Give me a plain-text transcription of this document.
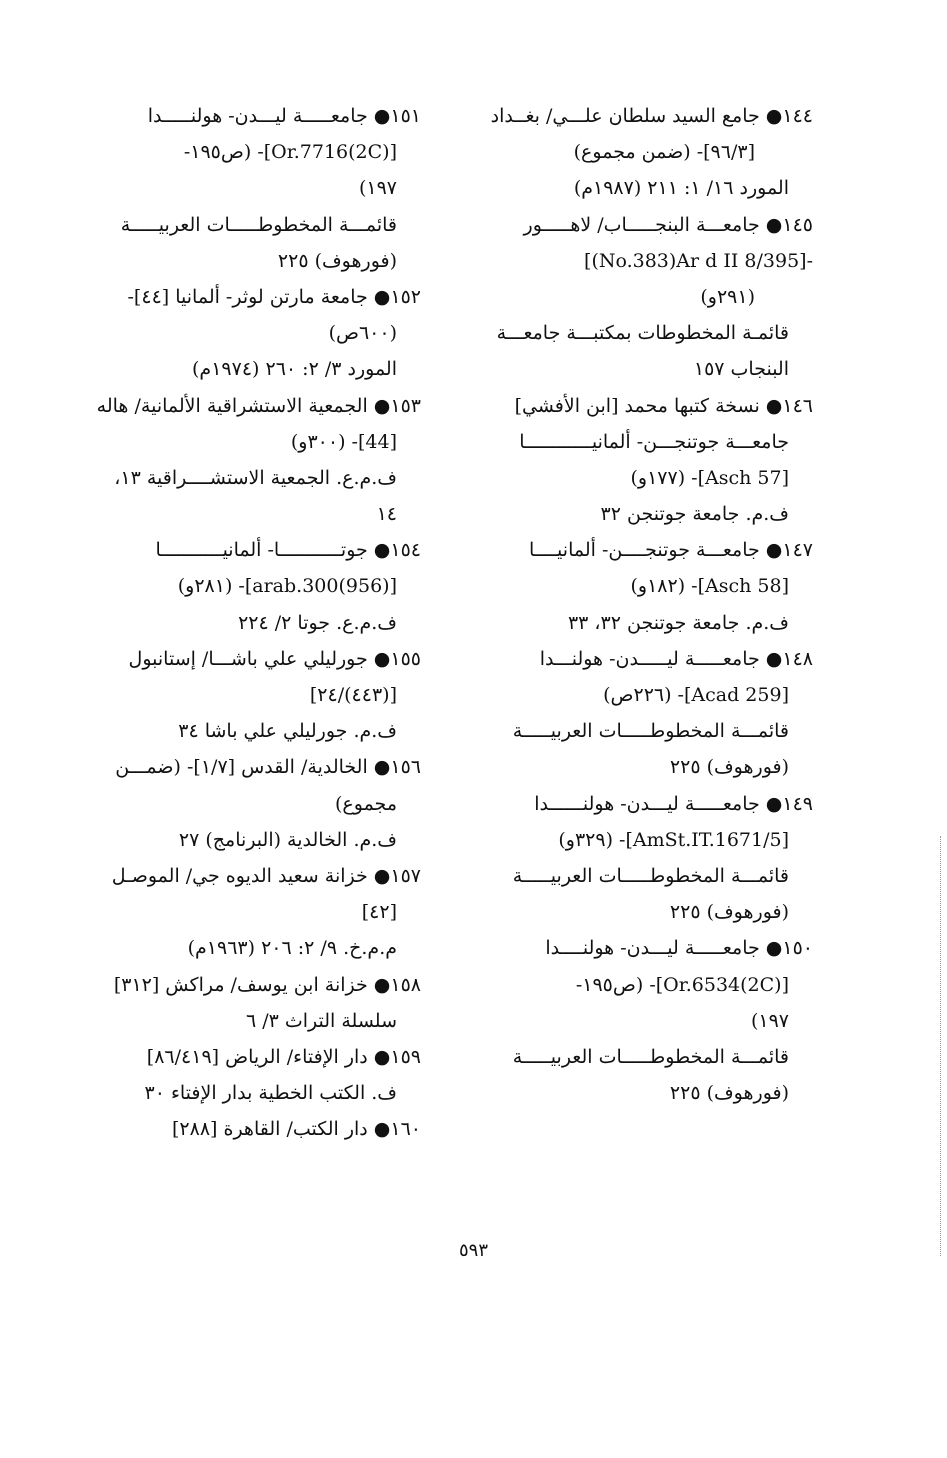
١٤٤● جامع السيد سلطان علـــي/ بغــداد
[٩٦/٣]- (ضمن مجموع)
المورد ١٦/ ١: ٢١١ (١٩٨٧م)
١٤٥● جامعـــة البنجـــــاب/ لاهـــــور
[(No.383)Ar d II 8/395]-
(٢٩١و)
قائمـة المخطوطات بمكتبـــة جامعـــة
البنجاب ١٥٧
١٤٦● نسخة كتبها محمد [ابن الأفشي]
جامعـــة جوتنجـــن- ألمانيــــــــــــا
[Asch 57]- (١٧٧و)
ف.م. جامعة جوتنجن ٣٢
١٤٧● جامعـــة جوتنجــــن- ألمانيــــا
[Asch 58]- (١٨٢و)
ف.م. جامعة جوتنجن ٣٢، ٣٣
١٤٨● جامعـــــة ليـــــدن- هولنـــدا
[Acad 259]- (٢٢٦ص)
قائمـــة المخطوطـــــات العربيـــــة
(فورهوف) ٢٢٥
١٤٩● جامعـــــة ليـــدن- هولنــــــدا
[AmSt.IT.1671/5]- (٣٢٩و)
قائمـــة المخطوطـــــات العربيـــــة
(فورهوف) ٢٢٥
١٥٠● جامعـــــة ليـــدن- هولنــــدا
[Or.6534(2C)]- (ص١٩٥-
١٩٧)
قائمـــة المخطوطـــــات العربيـــــة
(فورهوف) ٢٢٥
١٥١● جامعـــــة ليـــدن- هولنـــــدا
[Or.7716(2C)]- (ص١٩٥-
١٩٧)
قائمـــة المخطوطـــــات العربيـــــة
(فورهوف) ٢٢٥
١٥٢● جامعة مارتن لوثر- ألمانيا [٤٤]-
(٦٠٠ص)
المورد ٣/ ٢: ٢٦٠ (١٩٧٤م)
١٥٣● الجمعية الاستشراقية الألمانية/ هاله
[44]- (٣٠٠و)
ف.م.ع. الجمعية الاستشــــراقية ١٣،
١٤
١٥٤● جوتـــــــــــا- ألمانيـــــــــــا
[(956)arab.300]- (٢٨١و)
ف.م.ع. جوتا ٢/ ٢٢٤
١٥٥● جورليلي علي باشـــا/ إستانبول
[(٤٤٣)/٢٤]
ف.م. جورليلي علي باشا ٣٤
١٥٦● الخالدية/ القدس [١/٧]- (ضمـــن
مجموع)
ف.م. الخالدية (البرنامج) ٢٧
١٥٧● خزانة سعيد الديوه جي/ الموصـل
[٤٢]
م.م.خ. ٩/ ٢: ٢٠٦ (١٩٦٣م)
١٥٨● خزانة ابن يوسف/ مراكش [٣١٢]
سلسلة التراث ٣/ ٦
١٥٩● دار الإفتاء/ الرياض [٨٦/٤١٩]
ف. الكتب الخطية بدار الإفتاء ٣٠
١٦٠● دار الكتب/ القاهرة [٢٨٨]
٥٩٣
